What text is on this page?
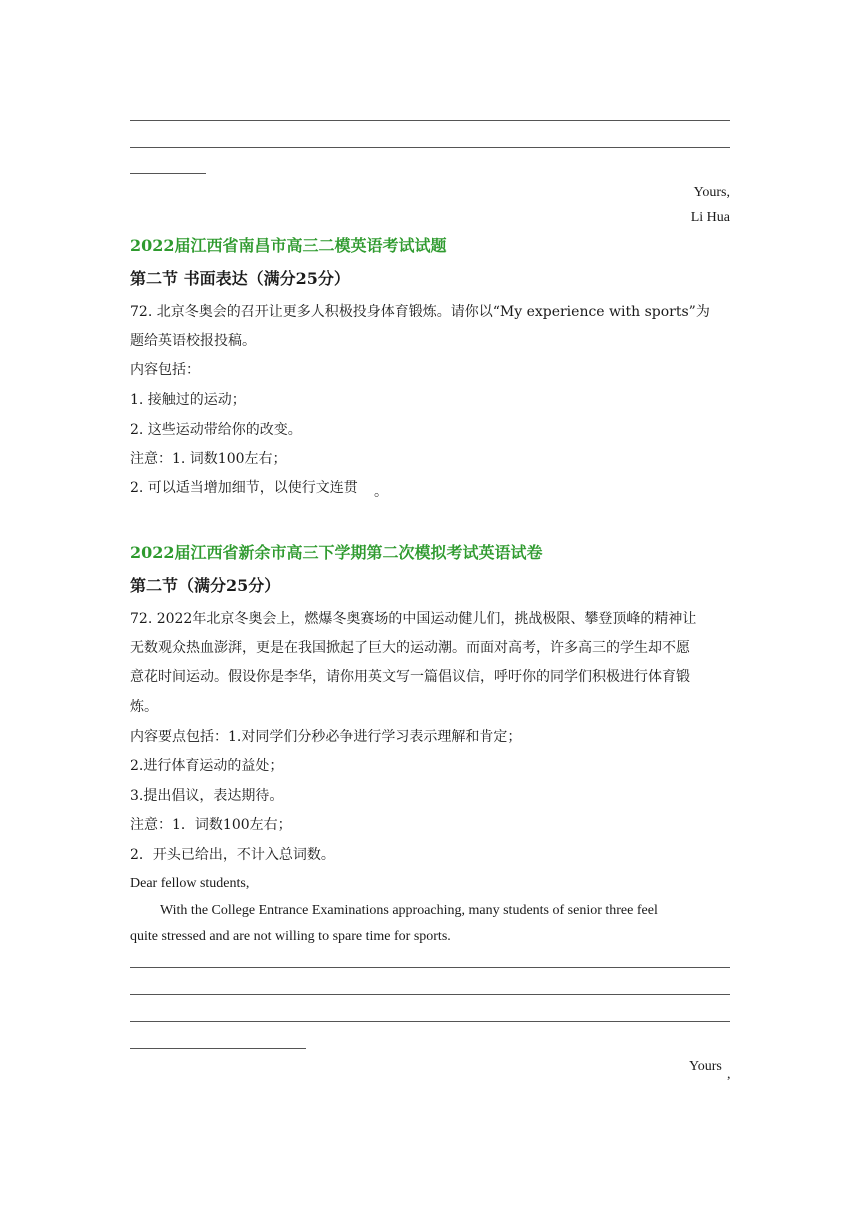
Yours,
Li Hua
2022届江西省南昌市高三二模英语考试试题
第二节 书面表达（满分25分）
72. 北京冬奥会的召开让更多人积极投身体育锻炼。请你以“My experience with sports”为
题给英语校报投稿。
内容包括：
1. 接触过的运动；
2. 这些运动带给你的改变。
注意：1. 词数100左右；
2. 可以适当增加细节，以使行文连贯 。
2022届江西省新余市高三下学期第二次模拟考试英语试卷
第二节（满分25分）
72. 2022年北京冬奥会上，燃爆冬奥赛场的中国运动健儿们，挑战极限、攀登顶峰的精神让
无数观众热血澎湃，更是在我国掀起了巨大的运动潮。而面对高考，许多高三的学生却不愿
意花时间运动。假设你是李华，请你用英文写一篇倡议信，呼吁你的同学们积极进行体育锻
炼。
内容要点包括：1.对同学们分秒必争进行学习表示理解和肯定；
2.进行体育运动的益处；
3.提出倡议，表达期待。
注意：1．词数100左右；
2．开头已给出，不计入总词数。
Dear fellow students,
With the College Entrance Examinations approaching, many students of senior three feel
quite stressed and are not willing to spare time for sports.
Yours
,
